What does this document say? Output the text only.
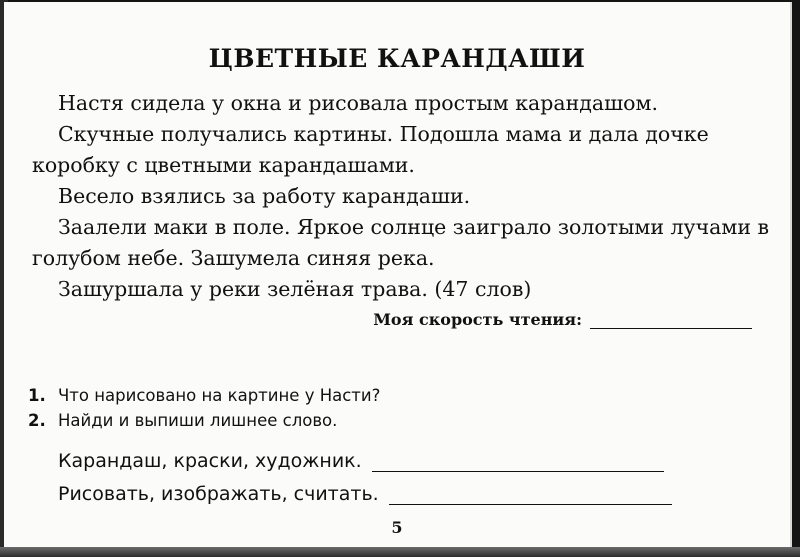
ЦВЕТНЫЕ КАРАНДАШИ

Настя сидела у окна и рисовала простым карандашом.

Скучные получались картины. Подошла мама и дала дочке коробку с цветными карандашами.

Весело взялись за работу карандаши.

Заалели маки в поле. Яркое солнце заиграло золотыми лучами в голубом небе. Зашумела синяя река.

Зашуршала у реки зелёная трава. (47 слов)

Моя скорость чтения:
1. Что нарисовано на картине у Насти?
2. Найди и выпиши лишнее слово.
Карандаш, краски, художник.
Рисовать, изображать, считать.
5
